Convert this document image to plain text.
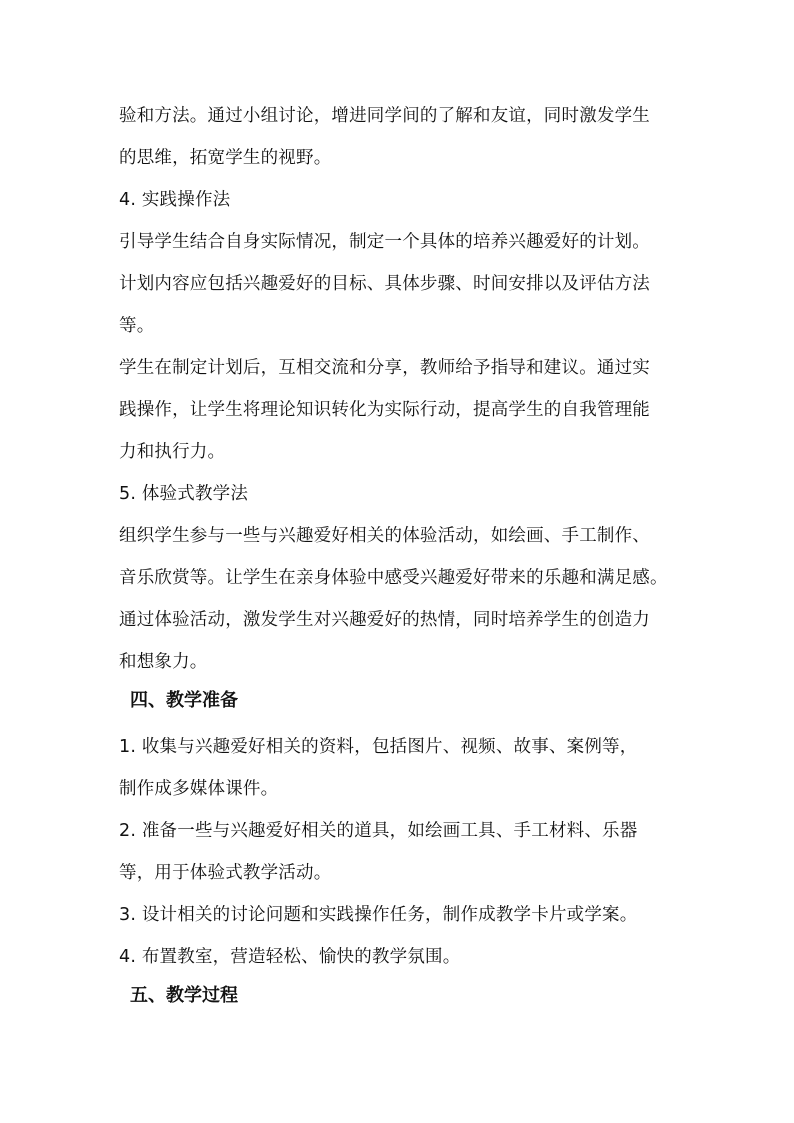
验和方法。通过小组讨论，增进同学间的了解和友谊，同时激发学生
的思维，拓宽学生的视野。
4. 实践操作法
引导学生结合自身实际情况，制定一个具体的培养兴趣爱好的计划。
计划内容应包括兴趣爱好的目标、具体步骤、时间安排以及评估方法
等。
学生在制定计划后，互相交流和分享，教师给予指导和建议。通过实
践操作，让学生将理论知识转化为实际行动，提高学生的自我管理能
力和执行力。
5. 体验式教学法
组织学生参与一些与兴趣爱好相关的体验活动，如绘画、手工制作、
音乐欣赏等。让学生在亲身体验中感受兴趣爱好带来的乐趣和满足感。
通过体验活动，激发学生对兴趣爱好的热情，同时培养学生的创造力
和想象力。
四、教学准备
1. 收集与兴趣爱好相关的资料，包括图片、视频、故事、案例等，
制作成多媒体课件。
2. 准备一些与兴趣爱好相关的道具，如绘画工具、手工材料、乐器
等，用于体验式教学活动。
3. 设计相关的讨论问题和实践操作任务，制作成教学卡片或学案。
4. 布置教室，营造轻松、愉快的教学氛围。
五、教学过程
